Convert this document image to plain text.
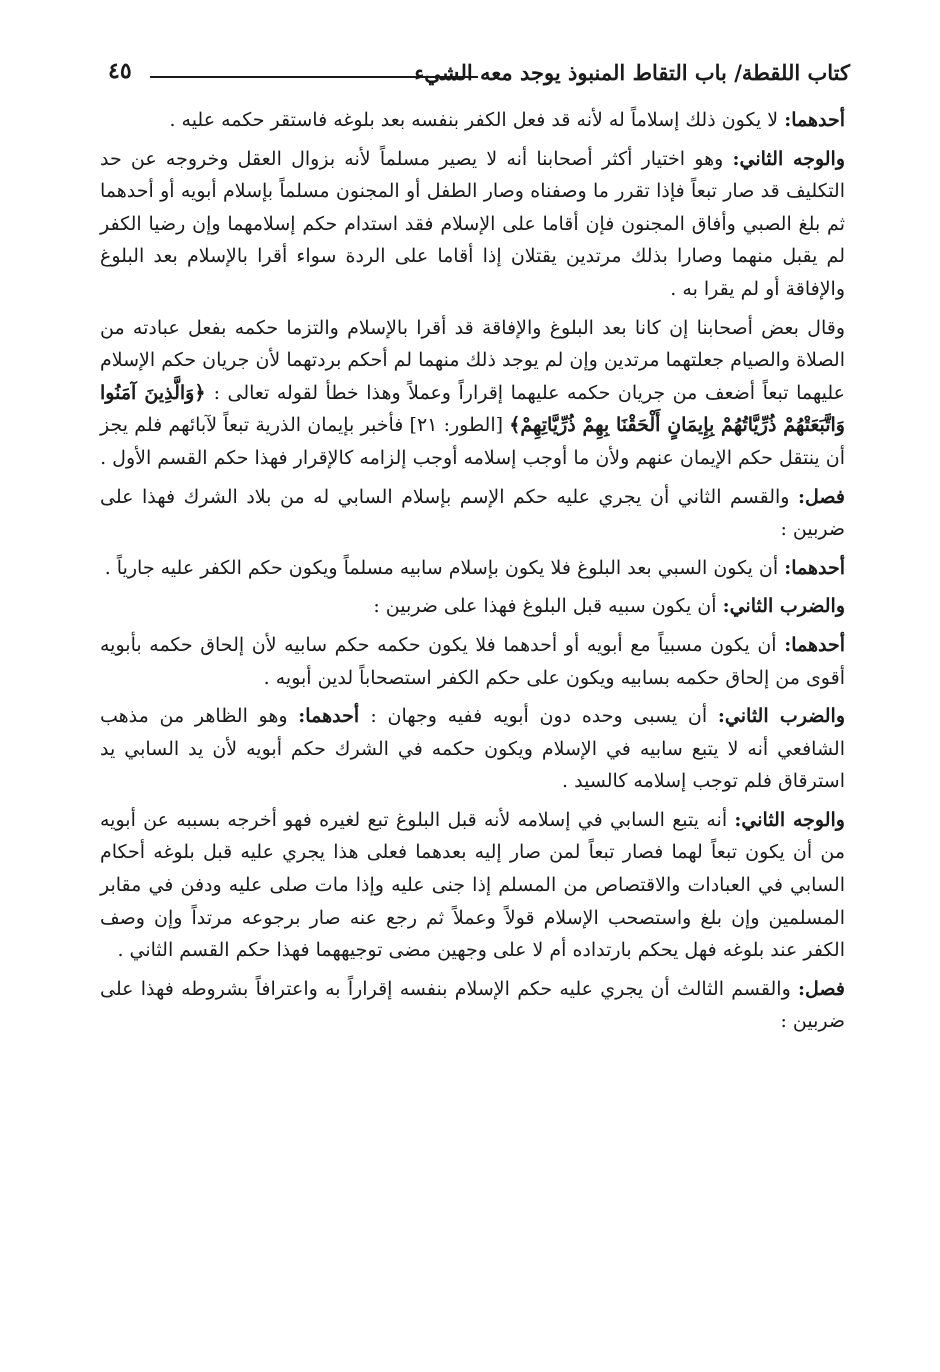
كتاب اللقطة/ باب التقاط المنبوذ يوجد معه الشيء
٤٥

أحدهما: لا يكون ذلك إسلاماً له لأنه قد فعل الكفر بنفسه بعد بلوغه فاستقر حكمه عليه .

والوجه الثاني: وهو اختيار أكثر أصحابنا أنه لا يصير مسلماً لأنه بزوال العقل وخروجه عن حد التكليف قد صار تبعاً فإذا تقرر ما وصفناه وصار الطفل أو المجنون مسلماً بإسلام أبويه أو أحدهما ثم بلغ الصبي وأفاق المجنون فإن أقاما على الإسلام فقد استدام حكم إسلامهما وإن رضيا الكفر لم يقبل منهما وصارا بذلك مرتدين يقتلان إذا أقاما على الردة سواء أقرا بالإسلام بعد البلوغ والإفاقة أو لم يقرا به .

وقال بعض أصحابنا إن كانا بعد البلوغ والإفاقة قد أقرا بالإسلام والتزما حكمه بفعل عبادته من الصلاة والصيام جعلتهما مرتدين وإن لم يوجد ذلك منهما لم أحكم بردتهما لأن جريان حكم الإسلام عليهما تبعاً أضعف من جريان حكمه عليهما إقراراً وعملاً وهذا خطأ لقوله تعالى : ﴿وَالَّذِينَ آمَنُوا وَاتَّبَعَتْهُمْ ذُرِّيَّاتُهُمْ بِإِيمَانٍ أَلْحَقْنَا بِهِمْ ذُرِّيَّاتِهِمْ﴾ [الطور: ٢١] فأخبر بإيمان الذرية تبعاً لآبائهم فلم يجز أن ينتقل حكم الإيمان عنهم ولأن ما أوجب إسلامه أوجب إلزامه كالإقرار فهذا حكم القسم الأول .

فصل: والقسم الثاني أن يجري عليه حكم الإسم بإسلام السابي له من بلاد الشرك فهذا على ضربين :

أحدهما: أن يكون السبي بعد البلوغ فلا يكون بإسلام سابيه مسلماً ويكون حكم الكفر عليه جارياً .

والضرب الثاني: أن يكون سبيه قبل البلوغ فهذا على ضربين :

أحدهما: أن يكون مسبياً مع أبويه أو أحدهما فلا يكون حكمه حكم سابيه لأن إلحاق حكمه بأبويه أقوى من إلحاق حكمه بسابيه ويكون على حكم الكفر استصحاباً لدين أبويه .

والضرب الثاني: أن يسبى وحده دون أبويه ففيه وجهان : أحدهما: وهو الظاهر من مذهب الشافعي أنه لا يتبع سابيه في الإسلام ويكون حكمه في الشرك حكم أبويه لأن يد السابي يد استرقاق فلم توجب إسلامه كالسيد .

والوجه الثاني: أنه يتبع السابي في إسلامه لأنه قبل البلوغ تبع لغيره فهو أخرجه بسببه عن أبويه من أن يكون تبعاً لهما فصار تبعاً لمن صار إليه بعدهما فعلى هذا يجري عليه قبل بلوغه أحكام السابي في العبادات والاقتصاص من المسلم إذا جنى عليه وإذا مات صلى عليه ودفن في مقابر المسلمين وإن بلغ واستصحب الإسلام قولاً وعملاً ثم رجع عنه صار برجوعه مرتداً وإن وصف الكفر عند بلوغه فهل يحكم بارتداده أم لا على وجهين مضى توجيههما فهذا حكم القسم الثاني .

فصل: والقسم الثالث أن يجري عليه حكم الإسلام بنفسه إقراراً به واعترافاً بشروطه فهذا على ضربين :
